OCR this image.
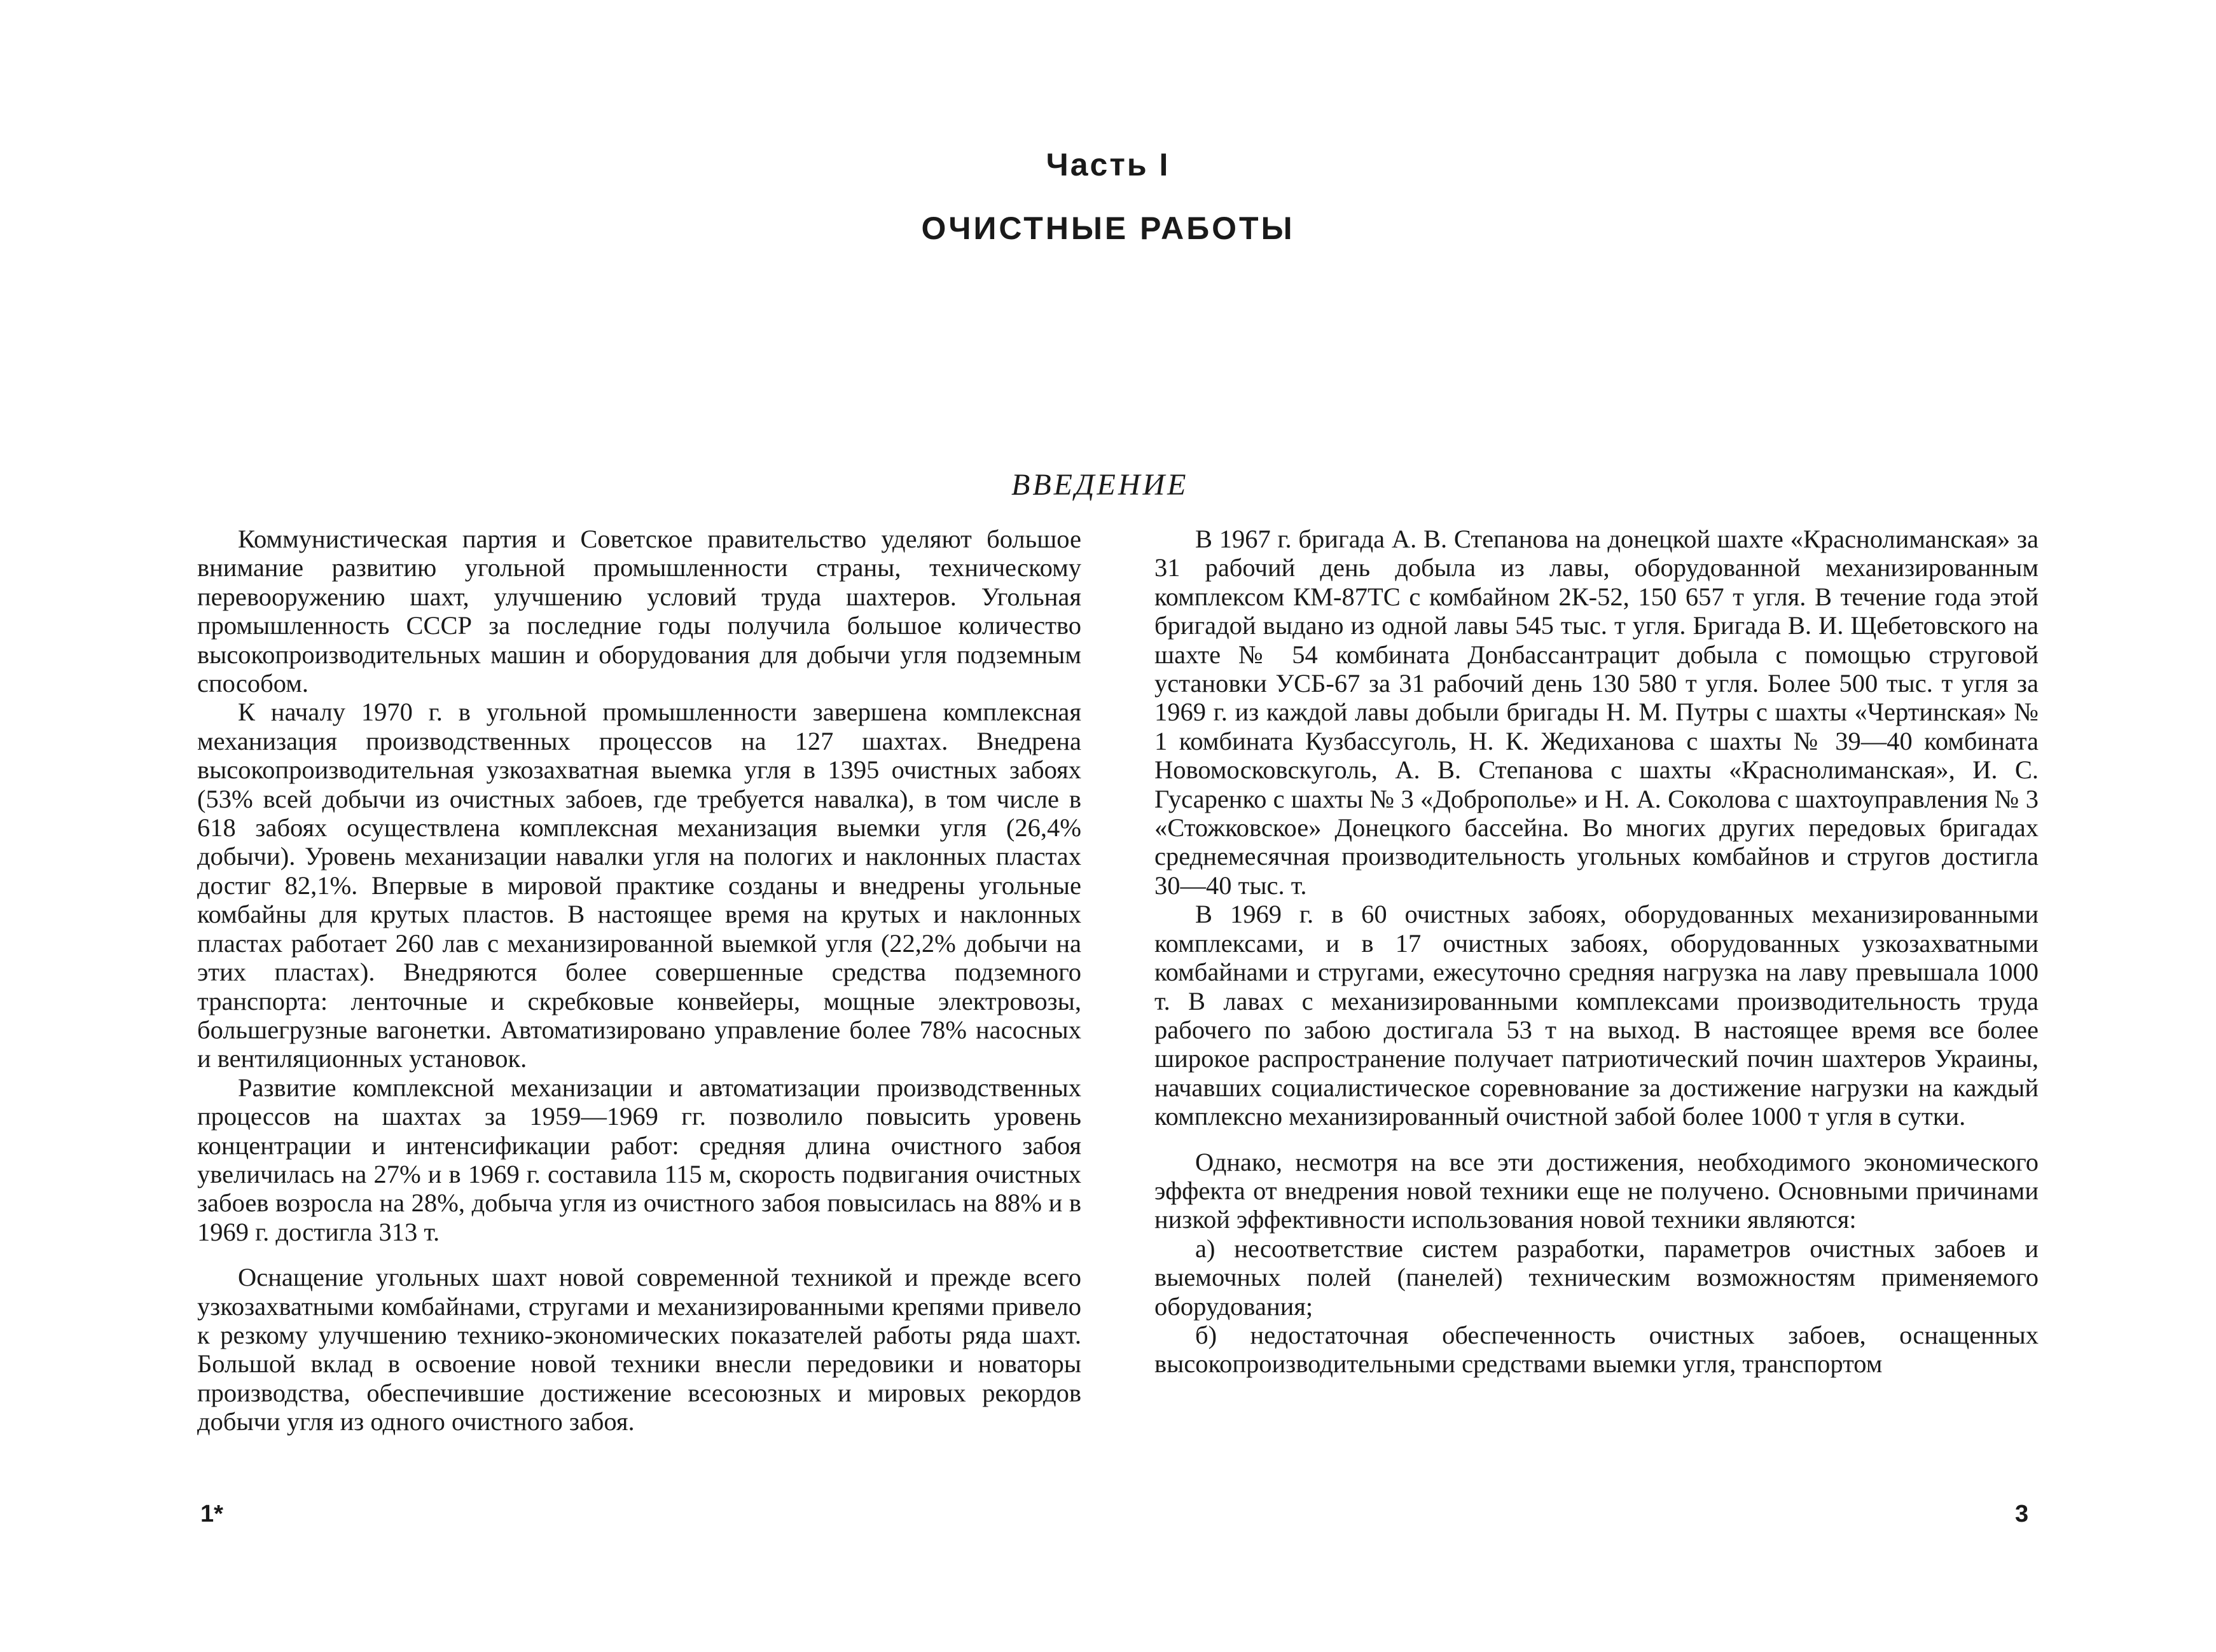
Часть I
ОЧИСТНЫЕ РАБОТЫ
ВВЕДЕНИЕ

Коммунистическая партия и Советское правительство уделяют большое внимание развитию угольной промышленности страны, техническому перевооружению шахт, улучшению условий труда шахтеров. Угольная промышленность СССР за последние годы получила большое количество высокопроизводительных машин и оборудования для добычи угля подземным способом.

К началу 1970 г. в угольной промышленности завершена комплексная механизация производственных процессов на 127 шахтах. Внедрена высокопроизводительная узкозахватная выемка угля в 1395 очистных забоях (53% всей добычи из очистных забоев, где требуется навалка), в том числе в 618 забоях осуществлена комплексная механизация выемки угля (26,4% добычи). Уровень механизации навалки угля на пологих и наклонных пластах достиг 82,1%. Впервые в мировой практике созданы и внедрены угольные комбайны для крутых пластов. В настоящее время на крутых и наклонных пластах работает 260 лав с механизированной выемкой угля (22,2% добычи на этих пластах). Внедряются более совершенные средства подземного транспорта: ленточные и скребковые конвейеры, мощные электровозы, большегрузные вагонетки. Автоматизировано управление более 78% насосных и вентиляционных установок.

Развитие комплексной механизации и автоматизации производственных процессов на шахтах за 1959—1969 гг. позволило повысить уровень концентрации и интенсификации работ: средняя длина очистного забоя увеличилась на 27% и в 1969 г. составила 115 м, скорость подвигания очистных забоев возросла на 28%, добыча угля из очистного забоя повысилась на 88% и в 1969 г. достигла 313 т.

Оснащение угольных шахт новой современной техникой и прежде всего узкозахватными комбайнами, стругами и механизированными крепями привело к резкому улучшению технико-экономических показателей работы ряда шахт. Большой вклад в освоение новой техники внесли передовики и новаторы производства, обеспечившие достижение всесоюзных и мировых рекордов добычи угля из одного очистного забоя.

В 1967 г. бригада А. В. Степанова на донецкой шахте «Краснолиманская» за 31 рабочий день добыла из лавы, оборудованной механизированным комплексом КМ-87ТС с комбайном 2К-52, 150 657 т угля. В течение года этой бригадой выдано из одной лавы 545 тыс. т угля. Бригада В. И. Щебетовского на шахте № 54 комбината Донбассантрацит добыла с помощью струговой установки УСБ-67 за 31 рабочий день 130 580 т угля. Более 500 тыс. т угля за 1969 г. из каждой лавы добыли бригады Н. М. Путры с шахты «Чертинская» № 1 комбината Кузбассуголь, Н. К. Жедиханова с шахты № 39—40 комбината Новомосковскуголь, А. В. Степанова с шахты «Краснолиманская», И. С. Гусаренко с шахты № 3 «Доброполье» и Н. А. Соколова с шахтоуправления № 3 «Стожковское» Донецкого бассейна. Во многих других передовых бригадах среднемесячная производительность угольных комбайнов и стругов достигла 30—40 тыс. т.

В 1969 г. в 60 очистных забоях, оборудованных механизированными комплексами, и в 17 очистных забоях, оборудованных узкозахватными комбайнами и стругами, ежесуточно средняя нагрузка на лаву превышала 1000 т. В лавах с механизированными комплексами производительность труда рабочего по забою достигала 53 т на выход. В настоящее время все более широкое распространение получает патриотический почин шахтеров Украины, начавших социалистическое соревнование за достижение нагрузки на каждый комплексно механизированный очистной забой более 1000 т угля в сутки.

Однако, несмотря на все эти достижения, необходимого экономического эффекта от внедрения новой техники еще не получено. Основными причинами низкой эффективности использования новой техники являются:

а) несоответствие систем разработки, параметров очистных забоев и выемочных полей (панелей) техническим возможностям применяемого оборудования;

б) недостаточная обеспеченность очистных забоев, оснащенных высокопроизводительными средствами выемки угля, транспортом

1*	3
